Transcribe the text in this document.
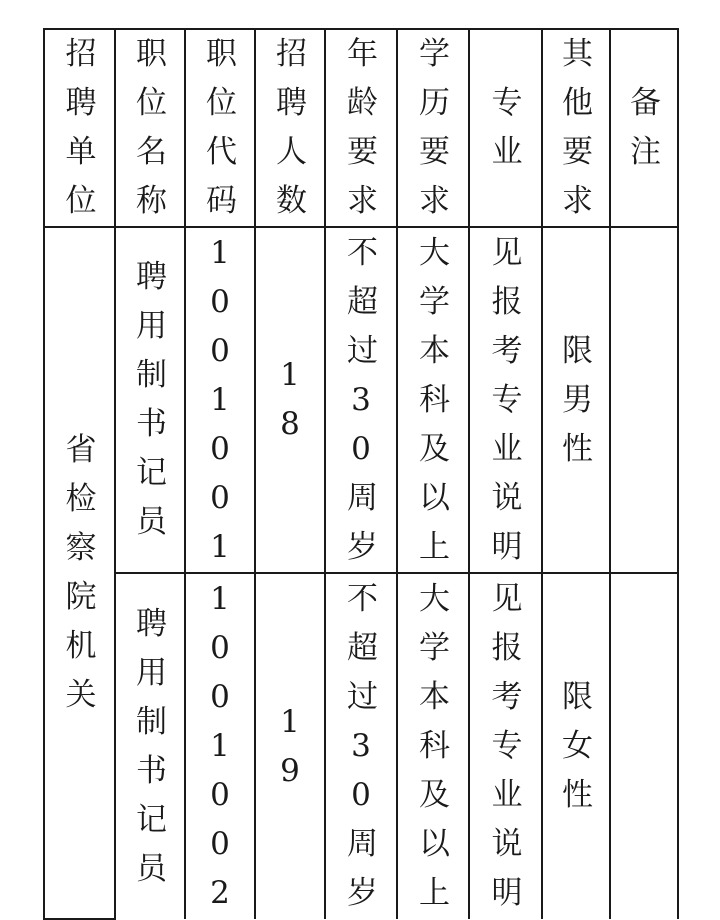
招聘单位	职位名称	职位代码	招聘人数	年龄要求	学历要求	专业	其他要求	备注

省检察院机关	聘用制书记员	1001001	18	不超过30周岁	大学本科及以上	见报考专业说明	限男性	

	聘用制书记员	1001002	19	不超过30周岁	大学本科及以上	见报考专业说明	限女性	
